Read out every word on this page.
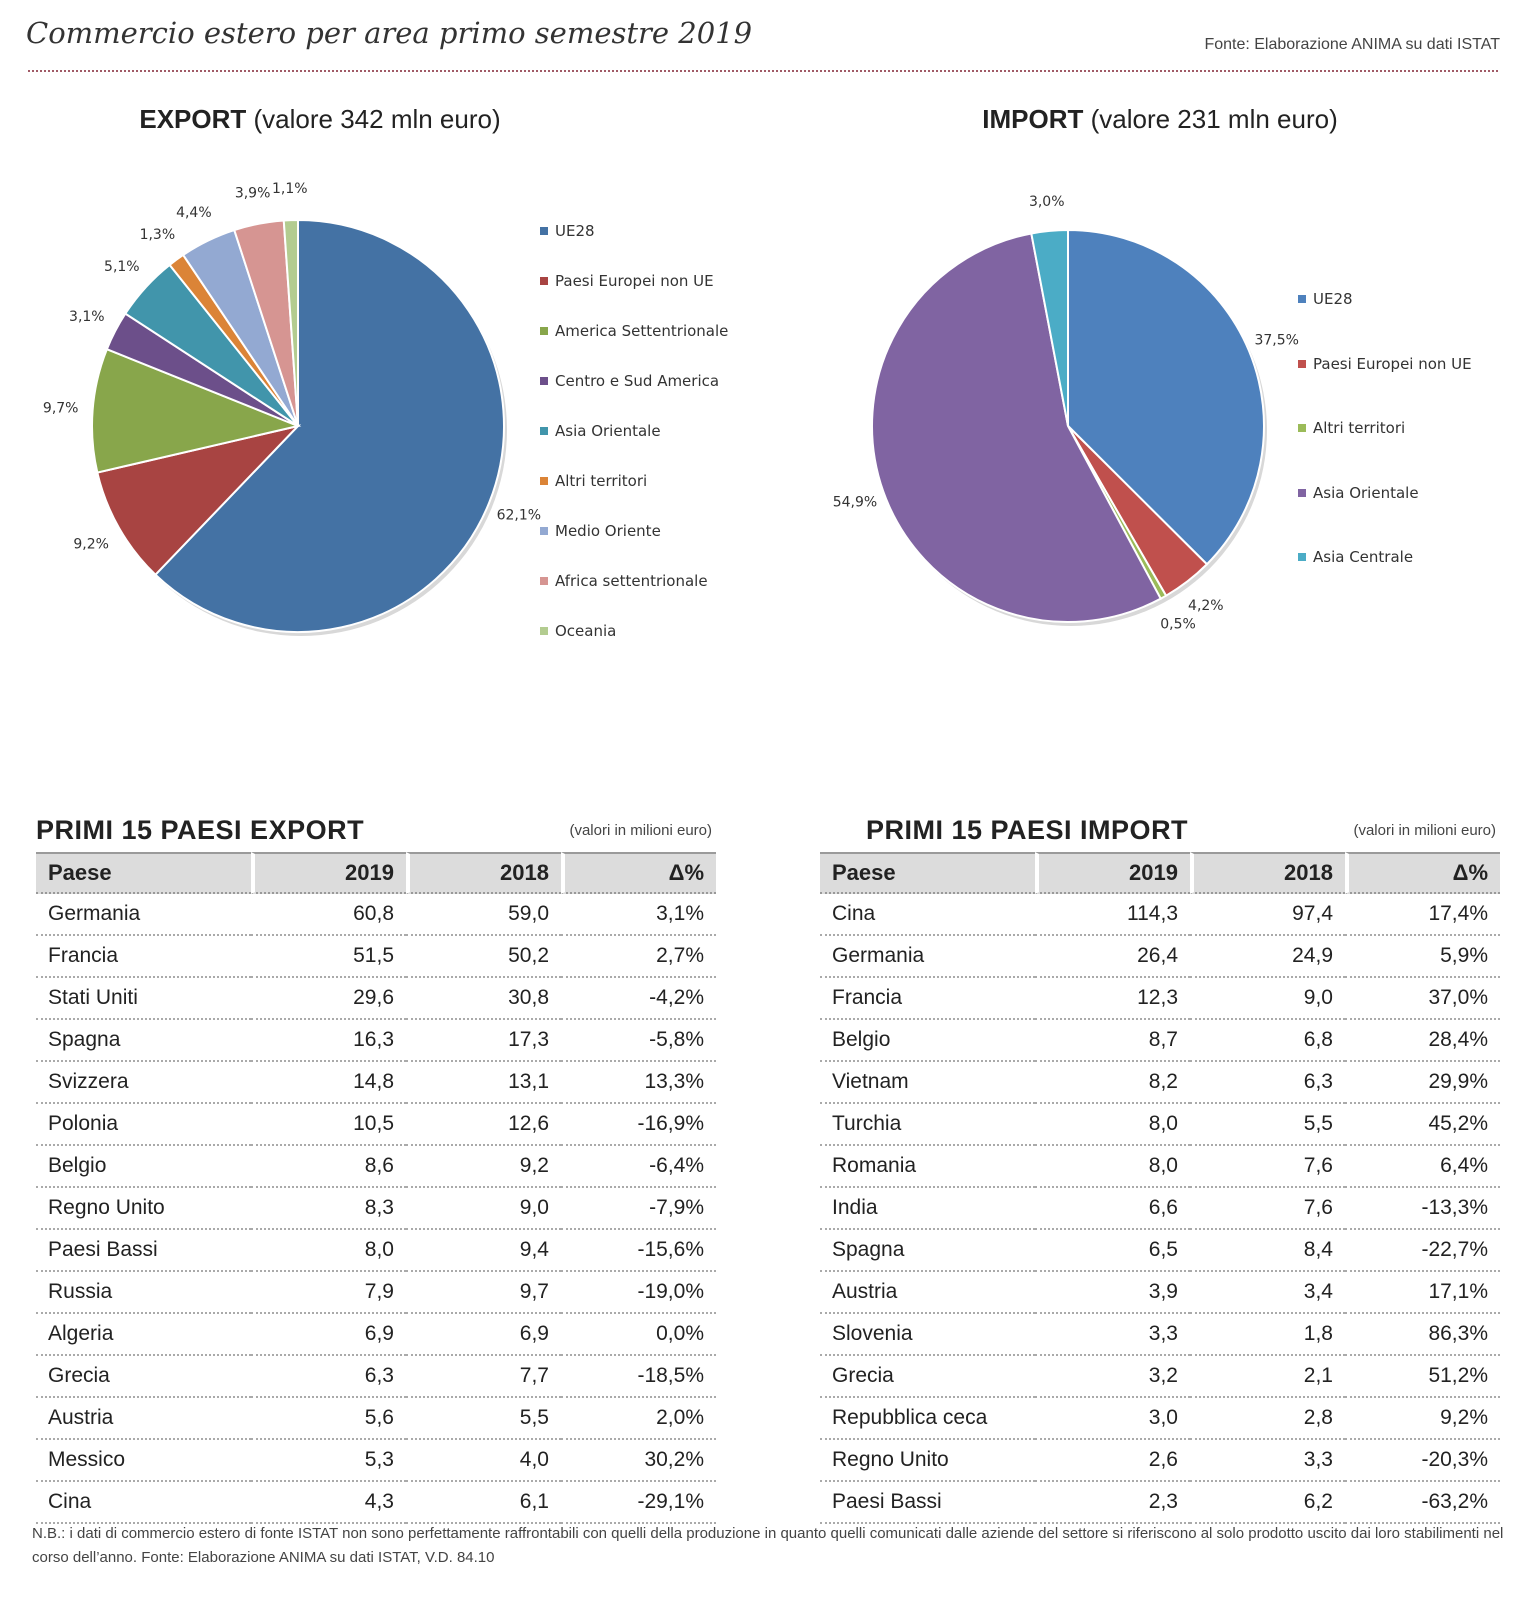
Commercio estero per area primo semestre 2019	Fonte: Elaborazione ANIMA su dati ISTAT
EXPORT (valore 342 mln euro)
62,1%
9,2%
9,7%
3,1%
5,1%
1,3%
4,4%
3,9% 1,1%
UE28
Paesi Europei non UE
America Settentrionale
Centro e Sud America
Asia Orientale
Altri territori
Medio Oriente
Africa settentrionale
Oceania
IMPORT (valore 231 mln euro)
37,5%
4,2%
0,5%
54,9%
3,0%
UE28
Paesi Europei non UE
Altri territori
Asia Orientale
Asia Centrale
PRIMI 15 PAESI EXPORT	(valori in milioni euro)
Paese	2019	2018	Δ%
Germania	60,8	59,0	3,1%
Francia	51,5	50,2	2,7%
Stati Uniti	29,6	30,8	-4,2%
Spagna	16,3	17,3	-5,8%
Svizzera	14,8	13,1	13,3%
Polonia	10,5	12,6	-16,9%
Belgio	8,6	9,2	-6,4%
Regno Unito	8,3	9,0	-7,9%
Paesi Bassi	8,0	9,4	-15,6%
Russia	7,9	9,7	-19,0%
Algeria	6,9	6,9	0,0%
Grecia	6,3	7,7	-18,5%
Austria	5,6	5,5	2,0%
Messico	5,3	4,0	30,2%
Cina	4,3	6,1	-29,1%
PRIMI 15 PAESI IMPORT	(valori in milioni euro)
Paese	2019	2018	Δ%
Cina	114,3	97,4	17,4%
Germania	26,4	24,9	5,9%
Francia	12,3	9,0	37,0%
Belgio	8,7	6,8	28,4%
Vietnam	8,2	6,3	29,9%
Turchia	8,0	5,5	45,2%
Romania	8,0	7,6	6,4%
India	6,6	7,6	-13,3%
Spagna	6,5	8,4	-22,7%
Austria	3,9	3,4	17,1%
Slovenia	3,3	1,8	86,3%
Grecia	3,2	2,1	51,2%
Repubblica ceca	3,0	2,8	9,2%
Regno Unito	2,6	3,3	-20,3%
Paesi Bassi	2,3	6,2	-63,2%
N.B.: i dati di commercio estero di fonte ISTAT non sono perfettamente raffrontabili con quelli della produzione in quanto quelli comunicati dalle aziende del settore si riferiscono al solo prodotto uscito dai loro stabilimenti nel corso dell’anno. Fonte: Elaborazione ANIMA su dati ISTAT, V.D. 84.10
